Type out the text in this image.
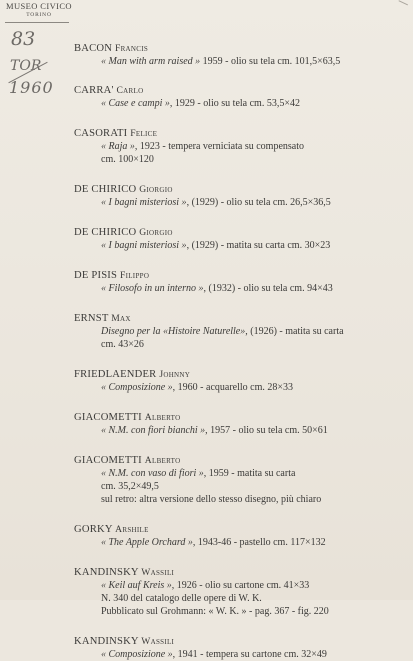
MUSEO CIVICO
TORINO
83
TOR
1960
BACON Francis
« Man with arm raised » 1959 - olio su tela cm. 101,5×63,5
CARRA' Carlo
« Case e campi », 1929 - olio su tela cm. 53,5×42
CASORATI Felice
« Raja », 1923 - tempera verniciata su compensato
cm. 100×120
DE CHIRICO Giorgio
« I bagni misteriosi », (1929) - olio su tela cm. 26,5×36,5
DE CHIRICO Giorgio
« I bagni misteriosi », (1929) - matita su carta cm. 30×23
DE PISIS Filippo
« Filosofo in un interno », (1932) - olio su tela cm. 94×43
ERNST Max
Disegno per la «Histoire Naturelle», (1926) - matita su carta
cm. 43×26
FRIEDLAENDER Johnny
« Composizione », 1960 - acquarello cm. 28×33
GIACOMETTI Alberto
« N.M. con fiori bianchi », 1957 - olio su tela cm. 50×61
GIACOMETTI Alberto
« N.M. con vaso di fiori », 1959 - matita su carta
cm. 35,2×49,5
sul retro: altra versione dello stesso disegno, più chiaro
GORKY Arshile
« The Apple Orchard », 1943-46 - pastello cm. 117×132
KANDINSKY Wassili
« Keil auf Kreis », 1926 - olio su cartone cm. 41×33
N. 340 del catalogo delle opere di W. K.
Pubblicato sul Grohmann: « W. K. » - pag. 367 - fig. 220
KANDINSKY Wassili
« Composizione », 1941 - tempera su cartone cm. 32×49
